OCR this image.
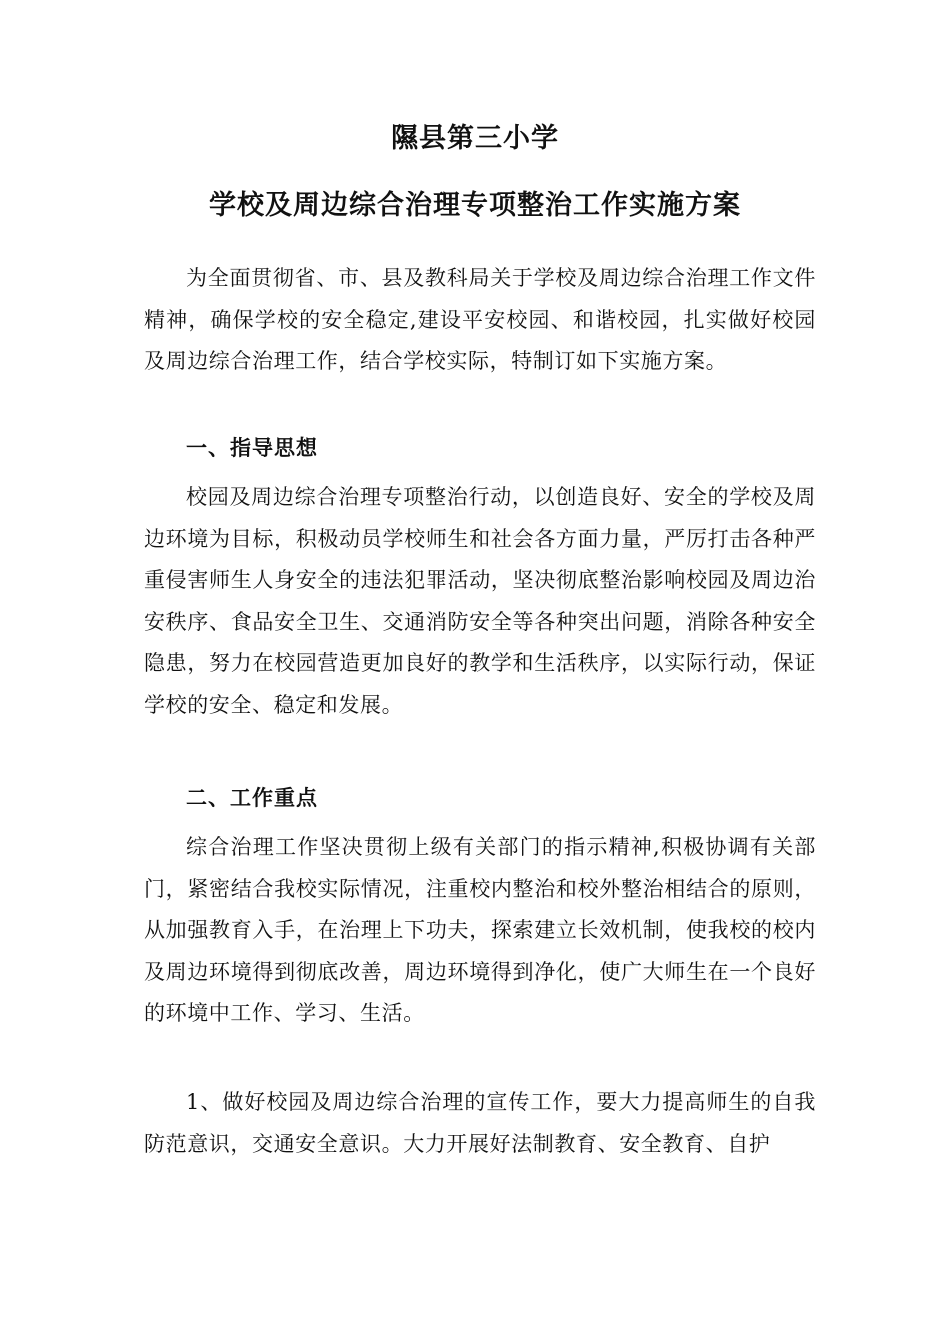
隰县第三小学
学校及周边综合治理专项整治工作实施方案

为全面贯彻省、市、县及教科局关于学校及周边综合治理工作文件精神，确保学校的安全稳定,建设平安校园、和谐校园，扎实做好校园及周边综合治理工作，结合学校实际，特制订如下实施方案。

一、指导思想

校园及周边综合治理专项整治行动，以创造良好、安全的学校及周边环境为目标，积极动员学校师生和社会各方面力量，严厉打击各种严重侵害师生人身安全的违法犯罪活动，坚决彻底整治影响校园及周边治安秩序、食品安全卫生、交通消防安全等各种突出问题，消除各种安全隐患，努力在校园营造更加良好的教学和生活秩序，以实际行动，保证学校的安全、稳定和发展。

二、工作重点

综合治理工作坚决贯彻上级有关部门的指示精神,积极协调有关部门，紧密结合我校实际情况，注重校内整治和校外整治相结合的原则，从加强教育入手，在治理上下功夫，探索建立长效机制，使我校的校内及周边环境得到彻底改善，周边环境得到净化，使广大师生在一个良好的环境中工作、学习、生活。

1、做好校园及周边综合治理的宣传工作，要大力提高师生的自我防范意识，交通安全意识。大力开展好法制教育、安全教育、自护
